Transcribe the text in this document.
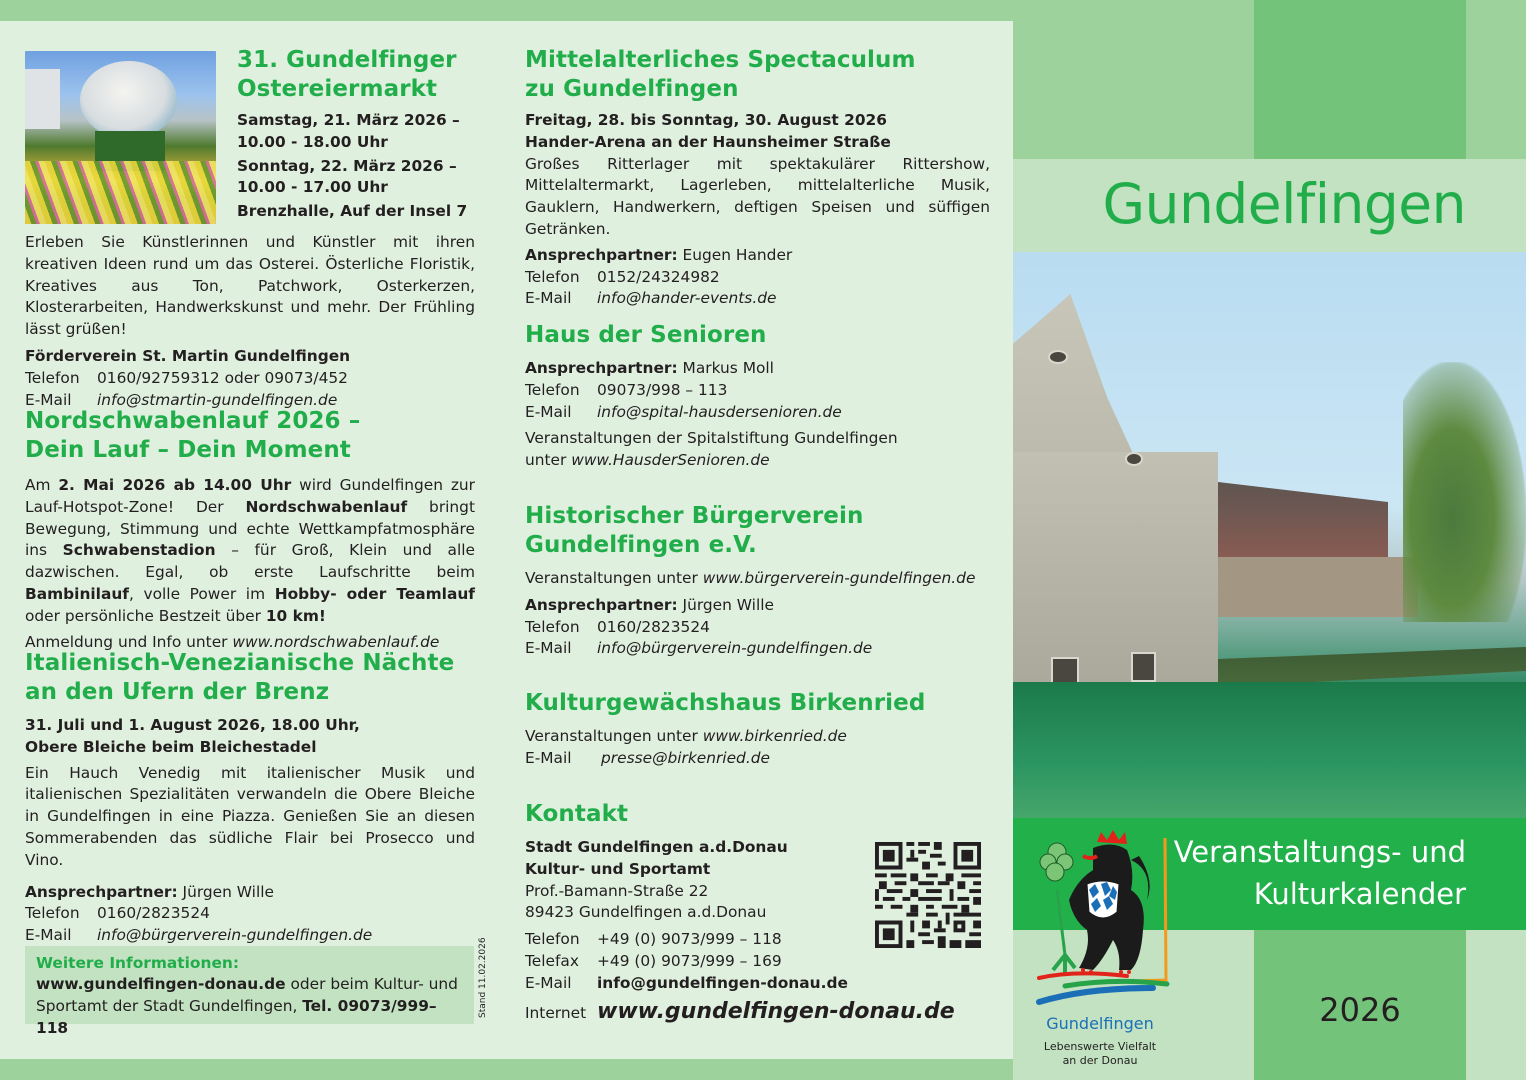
31. Gundelfinger
Ostereiermarkt
Samstag, 21. März 2026 –
10.00 - 18.00 Uhr
Sonntag, 22. März 2026 –
10.00 - 17.00 Uhr
Brenzhalle, Auf der Insel 7

Erleben Sie Künstlerinnen und Künstler mit ihren kreativen Ideen rund um das Osterei. Österliche Floristik, Kreatives aus Ton, Patchwork, Osterkerzen, Klosterarbeiten, Handwerkskunst und mehr. Der Frühling lässt grüßen!

Förderverein St. Martin Gundelfingen
Telefon	0160/92759312 oder 09073/452
E-Mail	info@stmartin-gundelfingen.de
Nordschwabenlauf 2026 –
Dein Lauf – Dein Moment

Am 2. Mai 2026 ab 14.00 Uhr wird Gundelfingen zur Lauf-Hotspot-Zone! Der Nordschwabenlauf bringt Bewegung, Stimmung und echte Wettkampfatmosphäre ins Schwabenstadion – für Groß, Klein und alle dazwischen. Egal, ob erste Laufschritte beim Bambinilauf, volle Power im Hobby- oder Teamlauf oder persönliche Bestzeit über 10 km!

Anmeldung und Info unter www.nordschwabenlauf.de

Italienisch-Venezianische Nächte
an den Ufern der Brenz
31. Juli und 1. August 2026, 18.00 Uhr,
Obere Bleiche beim Bleichestadel

Ein Hauch Venedig mit italienischer Musik und italienischen Spezialitäten verwandeln die Obere Bleiche in Gundelfingen in eine Piazza. Genießen Sie an diesen Sommerabenden das südliche Flair bei Prosecco und Vino.

Ansprechpartner: Jürgen Wille
Telefon	0160/2823524
E-Mail	info@bürgerverein-gundelfingen.de
Weitere Informationen:
www.gundelfingen-donau.de oder beim Kultur- und
Sportamt der Stadt Gundelfingen, Tel. 09073/999–118
Stand 11.02.2026
Mittelalterliches Spectaculum
zu Gundelfingen
Freitag, 28. bis Sonntag, 30. August 2026
Hander-Arena an der Haunsheimer Straße

Großes Ritterlager mit spektakulärer Rittershow, Mittelaltermarkt, Lagerleben, mittelalterliche Musik, Gauklern, Handwerkern, deftigen Speisen und süffigen Getränken.

Ansprechpartner: Eugen Hander
Telefon	0152/24324982
E-Mail	info@hander-events.de
Haus der Senioren
Ansprechpartner: Markus Moll
Telefon	09073/998 – 113
E-Mail	info@spital-hausdersenioren.de
Veranstaltungen der Spitalstiftung Gundelfingen
unter www.HausderSenioren.de
Historischer Bürgerverein
Gundelfingen e.V.
Veranstaltungen unter www.bürgerverein-gundelfingen.de
Ansprechpartner: Jürgen Wille
Telefon	0160/2823524
E-Mail	info@bürgerverein-gundelfingen.de
Kulturgewächshaus Birkenried
Veranstaltungen unter www.birkenried.de
E-Mail	presse@birkenried.de
Kontakt
Stadt Gundelfingen a.d.Donau
Kultur- und Sportamt
Prof.-Bamann-Straße 22
89423 Gundelfingen a.d.Donau
Telefon	+49 (0) 9073/999 – 118
Telefax	+49 (0) 9073/999 – 169
E-Mail	info@gundelfingen-donau.de
Internet www.gundelfingen-donau.de
Gundelfingen
Veranstaltungs- und
Kulturkalender
2026
Gundelfingen
Lebenswerte Vielfalt
an der Donau
